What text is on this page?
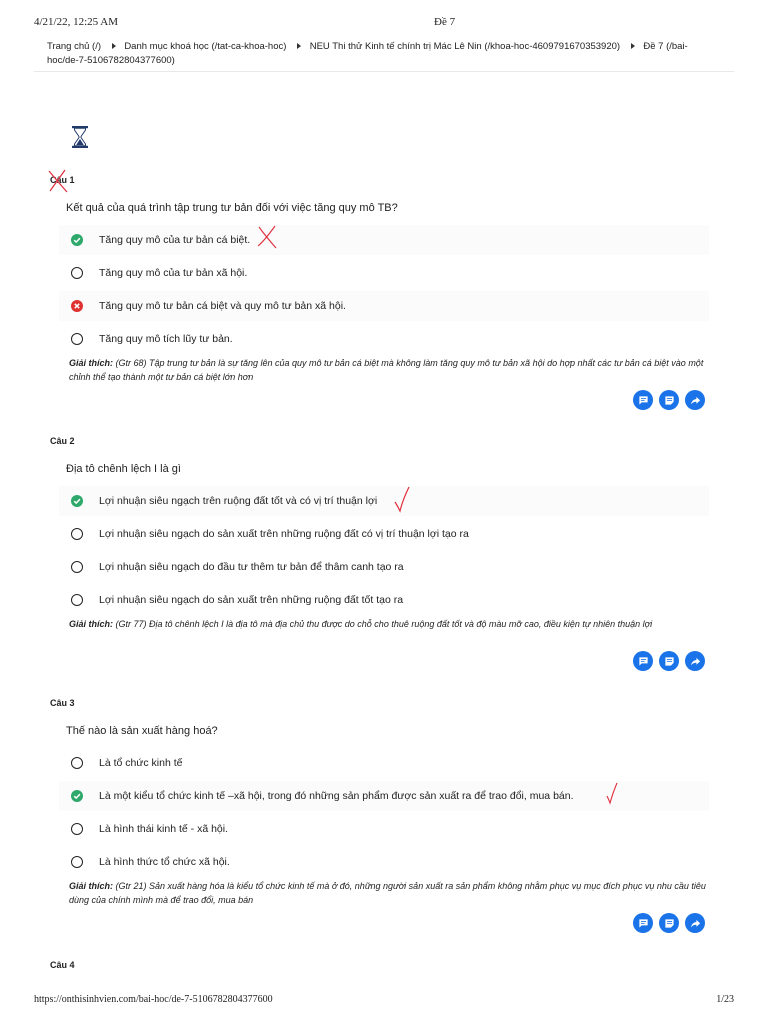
4/21/22, 12:25 AM	Đề 7
Trang chủ (/) Danh mục khoá học (/tat-ca-khoa-hoc) NEU Thi thử Kinh tế chính trị Mác Lê Nin (/khoa-hoc-4609791670353920) Đề 7 (/bai-hoc/de-7-5106782804377600)
Câu 1
Kết quả của quá trình tập trung tư bản đối với việc tăng quy mô TB?
Tăng quy mô của tư bản cá biệt.
Tăng quy mô của tư bản xã hội.
Tăng quy mô tư bản cá biệt và quy mô tư bản xã hội.
Tăng quy mô tích lũy tư bản.
Giải thích: (Gtr 68) Tập trung tư bản là sự tăng lên của quy mô tư bản cá biệt mà không làm tăng quy mô tư bản xã hội do hợp nhất các tư bản cá biệt vào một chỉnh thể tạo thành một tư bản cá biệt lớn hơn
Câu 2
Địa tô chênh lệch I là gì
Lợi nhuận siêu ngạch trên ruộng đất tốt và có vị trí thuận lợi
Lợi nhuận siêu ngạch do sản xuất trên những ruộng đất có vị trí thuận lợi tạo ra
Lợi nhuận siêu ngạch do đầu tư thêm tư bản để thâm canh tạo ra
Lợi nhuận siêu ngạch do sản xuất trên những ruộng đất tốt tạo ra
Giải thích: (Gtr 77) Địa tô chênh lệch I là địa tô mà địa chủ thu được do chỗ cho thuê ruộng đất tốt và độ màu mỡ cao, điều kiện tự nhiên thuận lợi
Câu 3
Thế nào là sản xuất hàng hoá?
Là tổ chức kinh tế
Là một kiểu tổ chức kinh tế –xã hội, trong đó những sản phẩm được sản xuất ra để trao đổi, mua bán.
Là hình thái kinh tế - xã hội.
Là hình thức tổ chức xã hội.
Giải thích: (Gtr 21) Sản xuất hàng hóa là kiểu tổ chức kinh tế mà ở đó, những người sản xuất ra sản phẩm không nhằm phục vụ mục đích phục vụ nhu cầu tiêu dùng của chính mình mà để trao đổi, mua bán
Câu 4
https://onthisinhvien.com/bai-hoc/de-7-5106782804377600	1/23
